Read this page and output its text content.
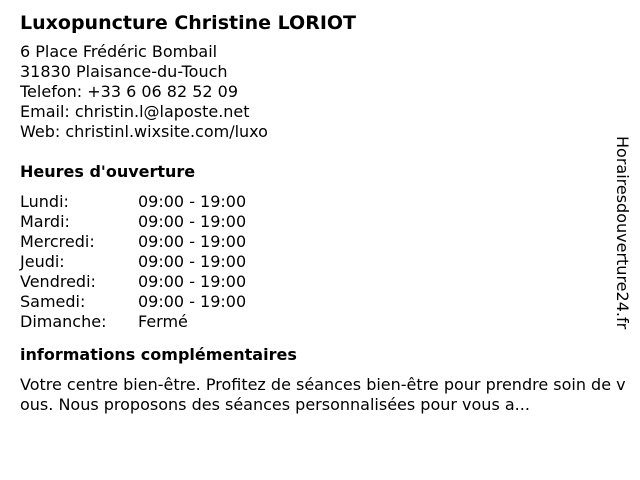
Luxopuncture Christine LORIOT
6 Place Frédéric Bombail
31830 Plaisance-du-Touch
Telefon: +33 6 06 82 52 09
Email: christin.l@laposte.net
Web: christinl.wixsite.com/luxo
Heures d'ouverture
Lundi:	09:00 - 19:00
Mardi:	09:00 - 19:00
Mercredi:	09:00 - 19:00
Jeudi:	09:00 - 19:00
Vendredi:	09:00 - 19:00
Samedi:	09:00 - 19:00
Dimanche:	Fermé
informations complémentaires
Votre centre bien-être. Profitez de séances bien-être pour prendre soin de vous. Nous proposons des séances personnalisées pour vous a...
Horairesdouverture24.fr
